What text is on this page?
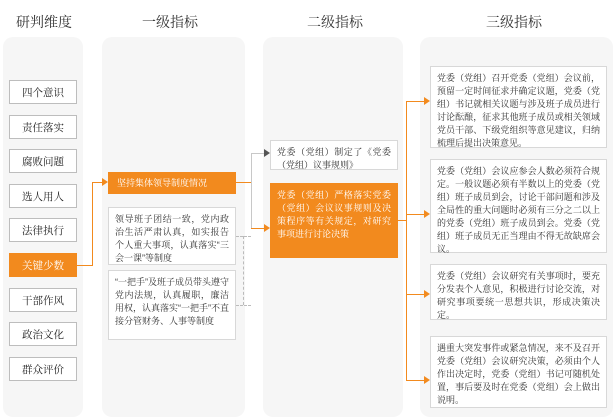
研判维度	一级指标	二级指标	三级指标
四个意识
责任落实
腐败问题
选人用人
法律执行
关键少数
干部作风
政治文化
群众评价
坚持集体领导制度情况
领导班子团结一致，党内政治生活严肃认真，如实报告个人重大事项，认真落实“三会一课”等制度
“一把手”及班子成员带头遵守党内法规，认真履职，廉洁用权，认真落实“一把手”不直接分管财务、人事等制度
党委（党组）制定了《党委（党组）议事规则》
党委（党组）严格落实党委（党组）会议议事规则及决策程序等有关规定，对研究事项进行讨论决策
党委（党组）召开党委（党组）会议前，预留一定时间征求并确定议题，党委（党组）书记就相关议题与涉及班子成员进行讨论酝酿，征求其他班子成员或相关领域党员干部、下级党组织等意见建议，归纳梳理后提出决策意见。
党委（党组）会议应参会人数必须符合规定。一般议题必须有半数以上的党委（党组）班子成员到会，讨论干部问题和涉及全局性的重大问题时必须有三分之二以上的党委（党组）班子成员到会。党委（党组）班子成员无正当理由不得无故缺席会议。
党委（党组）会议研究有关事项时，要充分发表个人意见，积极进行讨论交流，对研究事项要统一思想共识，形成决策决定。
遇重大突发事件或紧急情况，来不及召开党委（党组）会议研究决策，必须由个人作出决定时，党委（党组）书记可随机处置，事后要及时在党委（党组）会上做出说明。
